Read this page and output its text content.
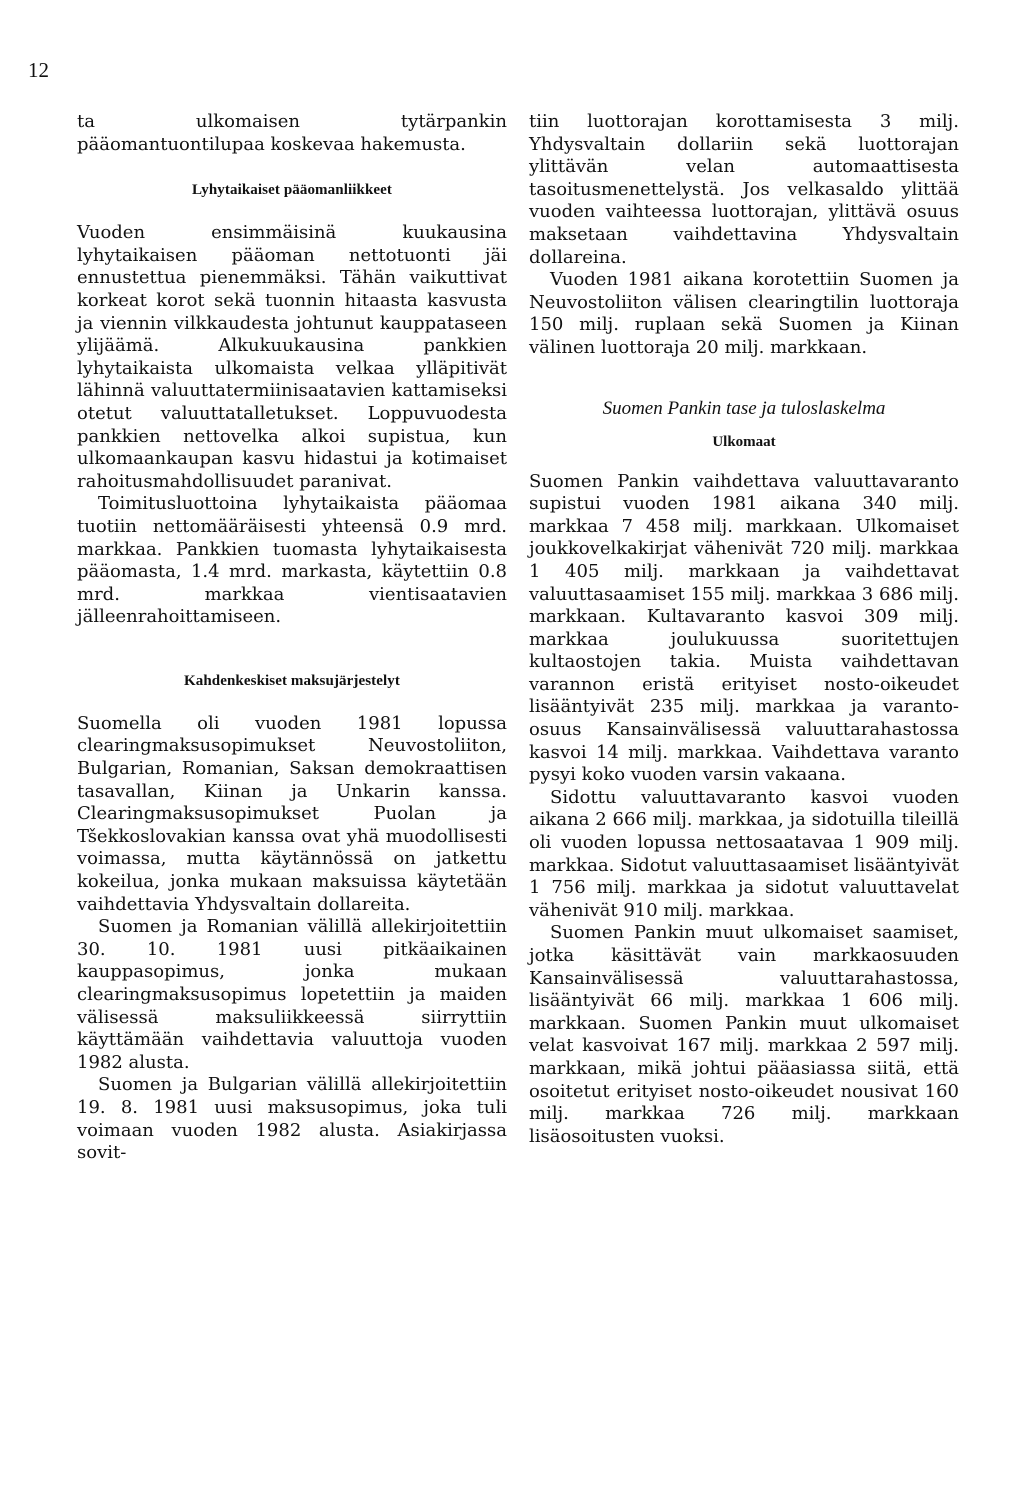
12

ta ulkomaisen tytärpankin pääomantuontilupaa koskevaa hakemusta.

Lyhytaikaiset pääomanliikkeet

Vuoden ensimmäisinä kuukausina lyhytaikaisen pääoman nettotuonti jäi ennustettua pienemmäksi. Tähän vaikuttivat korkeat korot sekä tuonnin hitaasta kasvusta ja viennin vilkkaudesta johtunut kauppataseen ylijäämä. Alkukuukausina pankkien lyhytaikaista ulkomaista velkaa ylläpitivät lähinnä valuuttatermiinisaatavien kattamiseksi otetut valuuttatalletukset. Loppuvuodesta pankkien nettovelka alkoi supistua, kun ulkomaankaupan kasvu hidastui ja kotimaiset rahoitusmahdollisuudet paranivat.

Toimitusluottoina lyhytaikaista pääomaa tuotiin nettomääräisesti yhteensä 0.9 mrd. markkaa. Pankkien tuomasta lyhytaikaisesta pääomasta, 1.4 mrd. markasta, käytettiin 0.8 mrd. markkaa vientisaatavien jälleenrahoittamiseen.

Kahdenkeskiset maksujärjestelyt

Suomella oli vuoden 1981 lopussa clearingmaksusopimukset Neuvostoliiton, Bulgarian, Romanian, Saksan demokraattisen tasavallan, Kiinan ja Unkarin kanssa. Clearingmaksusopimukset Puolan ja Tšekkoslovakian kanssa ovat yhä muodollisesti voimassa, mutta käytännössä on jatkettu kokeilua, jonka mukaan maksuissa käytetään vaihdettavia Yhdysvaltain dollareita.

Suomen ja Romanian välillä allekirjoitettiin 30. 10. 1981 uusi pitkäaikainen kauppasopimus, jonka mukaan clearingmaksusopimus lopetettiin ja maiden välisessä maksuliikkeessä siirryttiin käyttämään vaihdettavia valuuttoja vuoden 1982 alusta.

Suomen ja Bulgarian välillä allekirjoitettiin 19. 8. 1981 uusi maksusopimus, joka tuli voimaan vuoden 1982 alusta. Asiakirjassa sovit-

tiin luottorajan korottamisesta 3 milj. Yhdysvaltain dollariin sekä luottorajan ylittävän velan automaattisesta tasoitusmenettelystä. Jos velkasaldo ylittää vuoden vaihteessa luottorajan, ylittävä osuus maksetaan vaihdettavina Yhdysvaltain dollareina.

Vuoden 1981 aikana korotettiin Suomen ja Neuvostoliiton välisen clearingtilin luottoraja 150 milj. ruplaan sekä Suomen ja Kiinan välinen luottoraja 20 milj. markkaan.

Suomen Pankin tase ja tuloslaskelma
Ulkomaat

Suomen Pankin vaihdettava valuuttavaranto supistui vuoden 1981 aikana 340 milj. markkaa 7 458 milj. markkaan. Ulkomaiset joukkovelkakirjat vähenivät 720 milj. markkaa 1 405 milj. markkaan ja vaihdettavat valuuttasaamiset 155 milj. markkaa 3 686 milj. markkaan. Kultavaranto kasvoi 309 milj. markkaa joulukuussa suoritettujen kultaostojen takia. Muista vaihdettavan varannon eristä erityiset nosto-oikeudet lisääntyivät 235 milj. markkaa ja varanto-osuus Kansainvälisessä valuuttarahastossa kasvoi 14 milj. markkaa. Vaihdettava varanto pysyi koko vuoden varsin vakaana.

Sidottu valuuttavaranto kasvoi vuoden aikana 2 666 milj. markkaa, ja sidotuilla tileillä oli vuoden lopussa nettosaatavaa 1 909 milj. markkaa. Sidotut valuuttasaamiset lisääntyivät 1 756 milj. markkaa ja sidotut valuuttavelat vähenivät 910 milj. markkaa.

Suomen Pankin muut ulkomaiset saamiset, jotka käsittävät vain markkaosuuden Kansainvälisessä valuuttarahastossa, lisääntyivät 66 milj. markkaa 1 606 milj. markkaan. Suomen Pankin muut ulkomaiset velat kasvoivat 167 milj. markkaa 2 597 milj. markkaan, mikä johtui pääasiassa siitä, että osoitetut erityiset nosto-oikeudet nousivat 160 milj. markkaa 726 milj. markkaan lisäosoitusten vuoksi.
